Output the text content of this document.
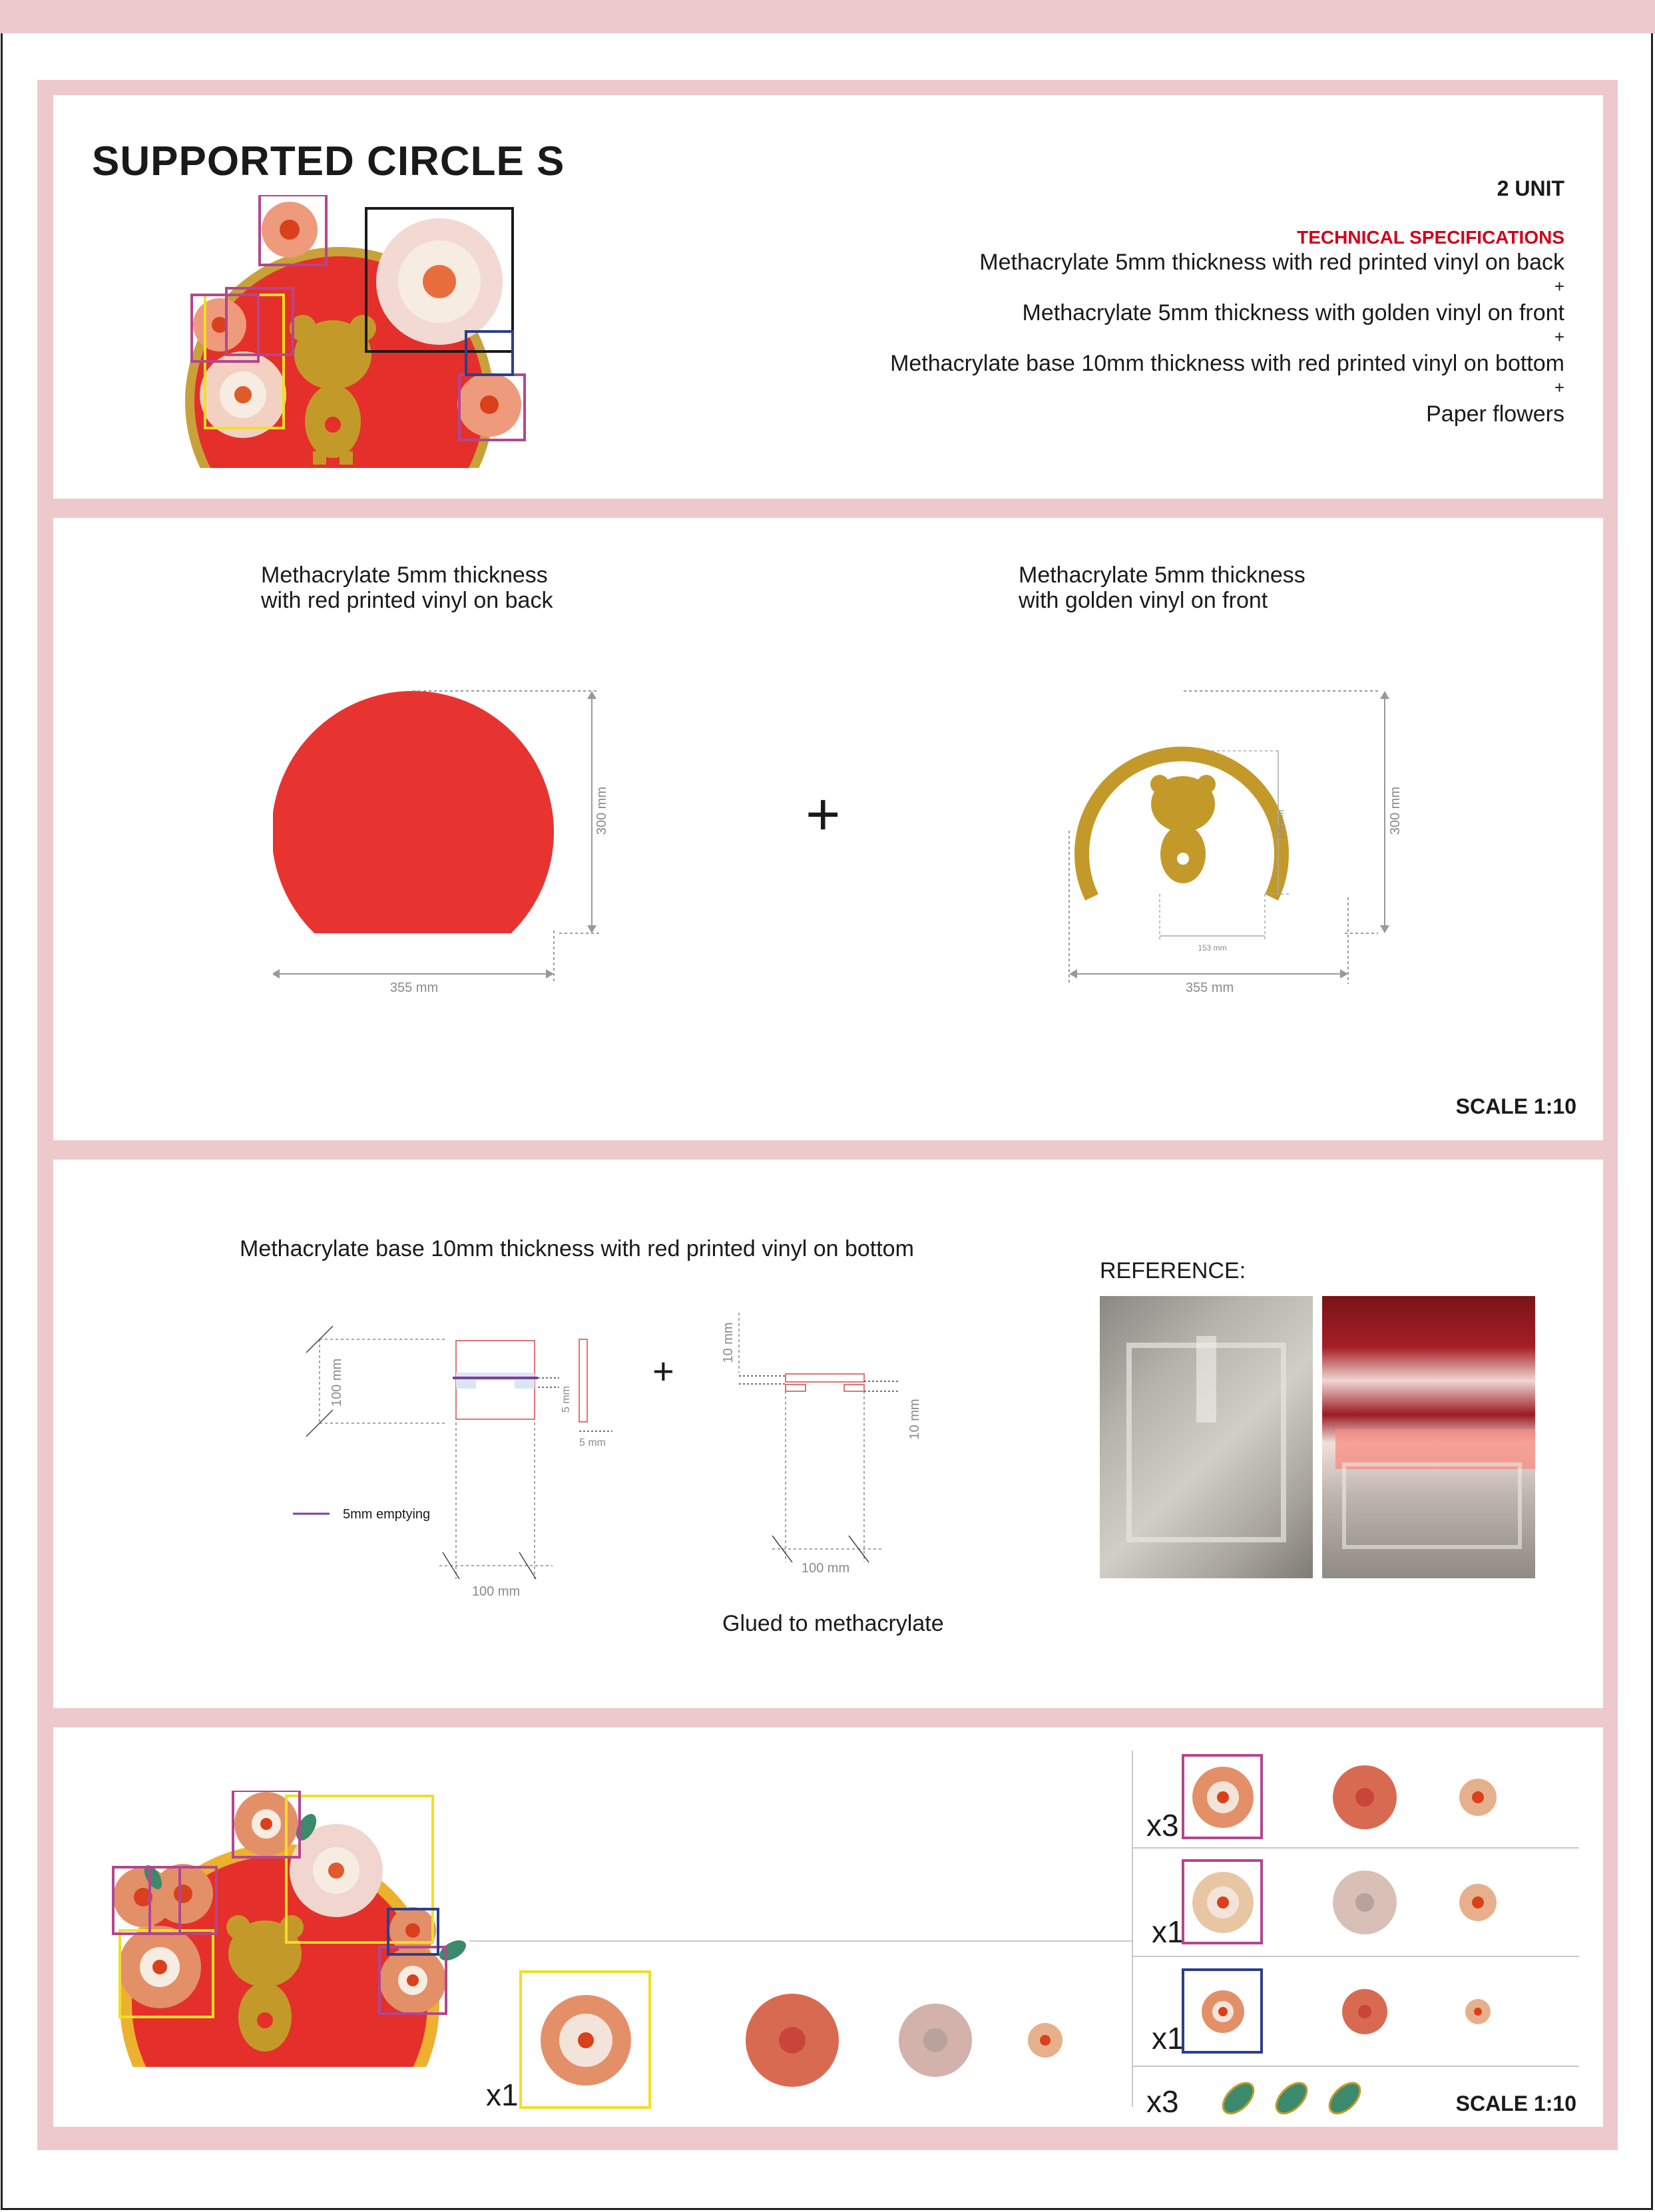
SUPPORTED CIRCLE S
2 UNIT
TECHNICAL SPECIFICATIONS
Methacrylate 5mm thickness with red printed vinyl on back
+
Methacrylate 5mm thickness with golden vinyl on front
+
Methacrylate base 10mm thickness with red printed vinyl on bottom
+
Paper flowers
Methacrylate 5mm thickness
with red printed vinyl on back
Methacrylate 5mm thickness
with golden vinyl on front
355 mm
300 mm	+
153 mm
175 mm
355 mm
300 mm
SCALE 1:10
Methacrylate base 10mm thickness with red printed vinyl on bottom
100 mm	5 mm
5 mm
100 mm
5mm emptying
+
10 mm
10 mm
100 mm
Glued to methacrylate
REFERENCE:
x1
x3
x1
x1
x3	SCALE 1:10
